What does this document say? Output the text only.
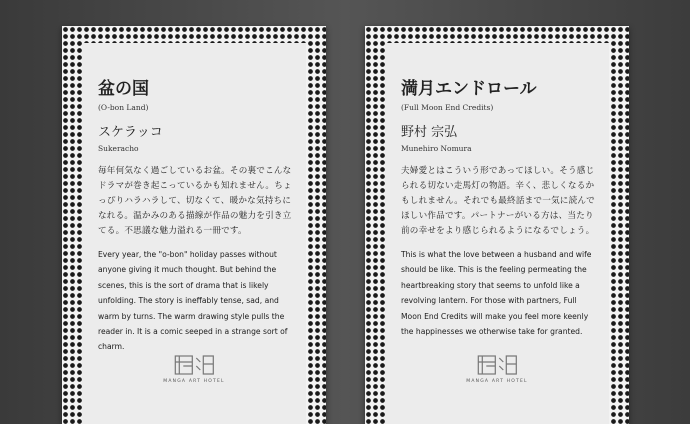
盆の国
(O-bon Land)
スケラッコ
Sukeracho
毎年何気なく過ごしているお盆。その裏でこんなドラマが巻き起こっているかも知れません。ちょっぴりハラハラして、切なくて、暖かな気持ちになれる。温かみのある描線が作品の魅力を引き立てる。不思議な魅力溢れる一冊です。
Every year, the "o-bon" holiday passes without anyone giving it much thought. But behind the scenes, this is the sort of drama that is likely unfolding. The story is ineffably tense, sad, and warm by turns. The warm drawing style pulls the reader in. It is a comic seeped in a strange sort of charm.
MANGA ART HOTEL
満月エンドロール
(Full Moon End Credits)
野村 宗弘
Munehiro Nomura
夫婦愛とはこういう形であってほしい。そう感じられる切ない走馬灯の物語。辛く、悲しくなるかもしれません。それでも最終話まで一気に読んでほしい作品です。パートナーがいる方は、当たり前の幸せをより感じられるようになるでしょう。
This is what the love between a husband and wife should be like. This is the feeling permeating the heartbreaking story that seems to unfold like a revolving lantern. For those with partners, Full Moon End Credits will make you feel more keenly the happinesses we otherwise take for granted.
MANGA ART HOTEL
